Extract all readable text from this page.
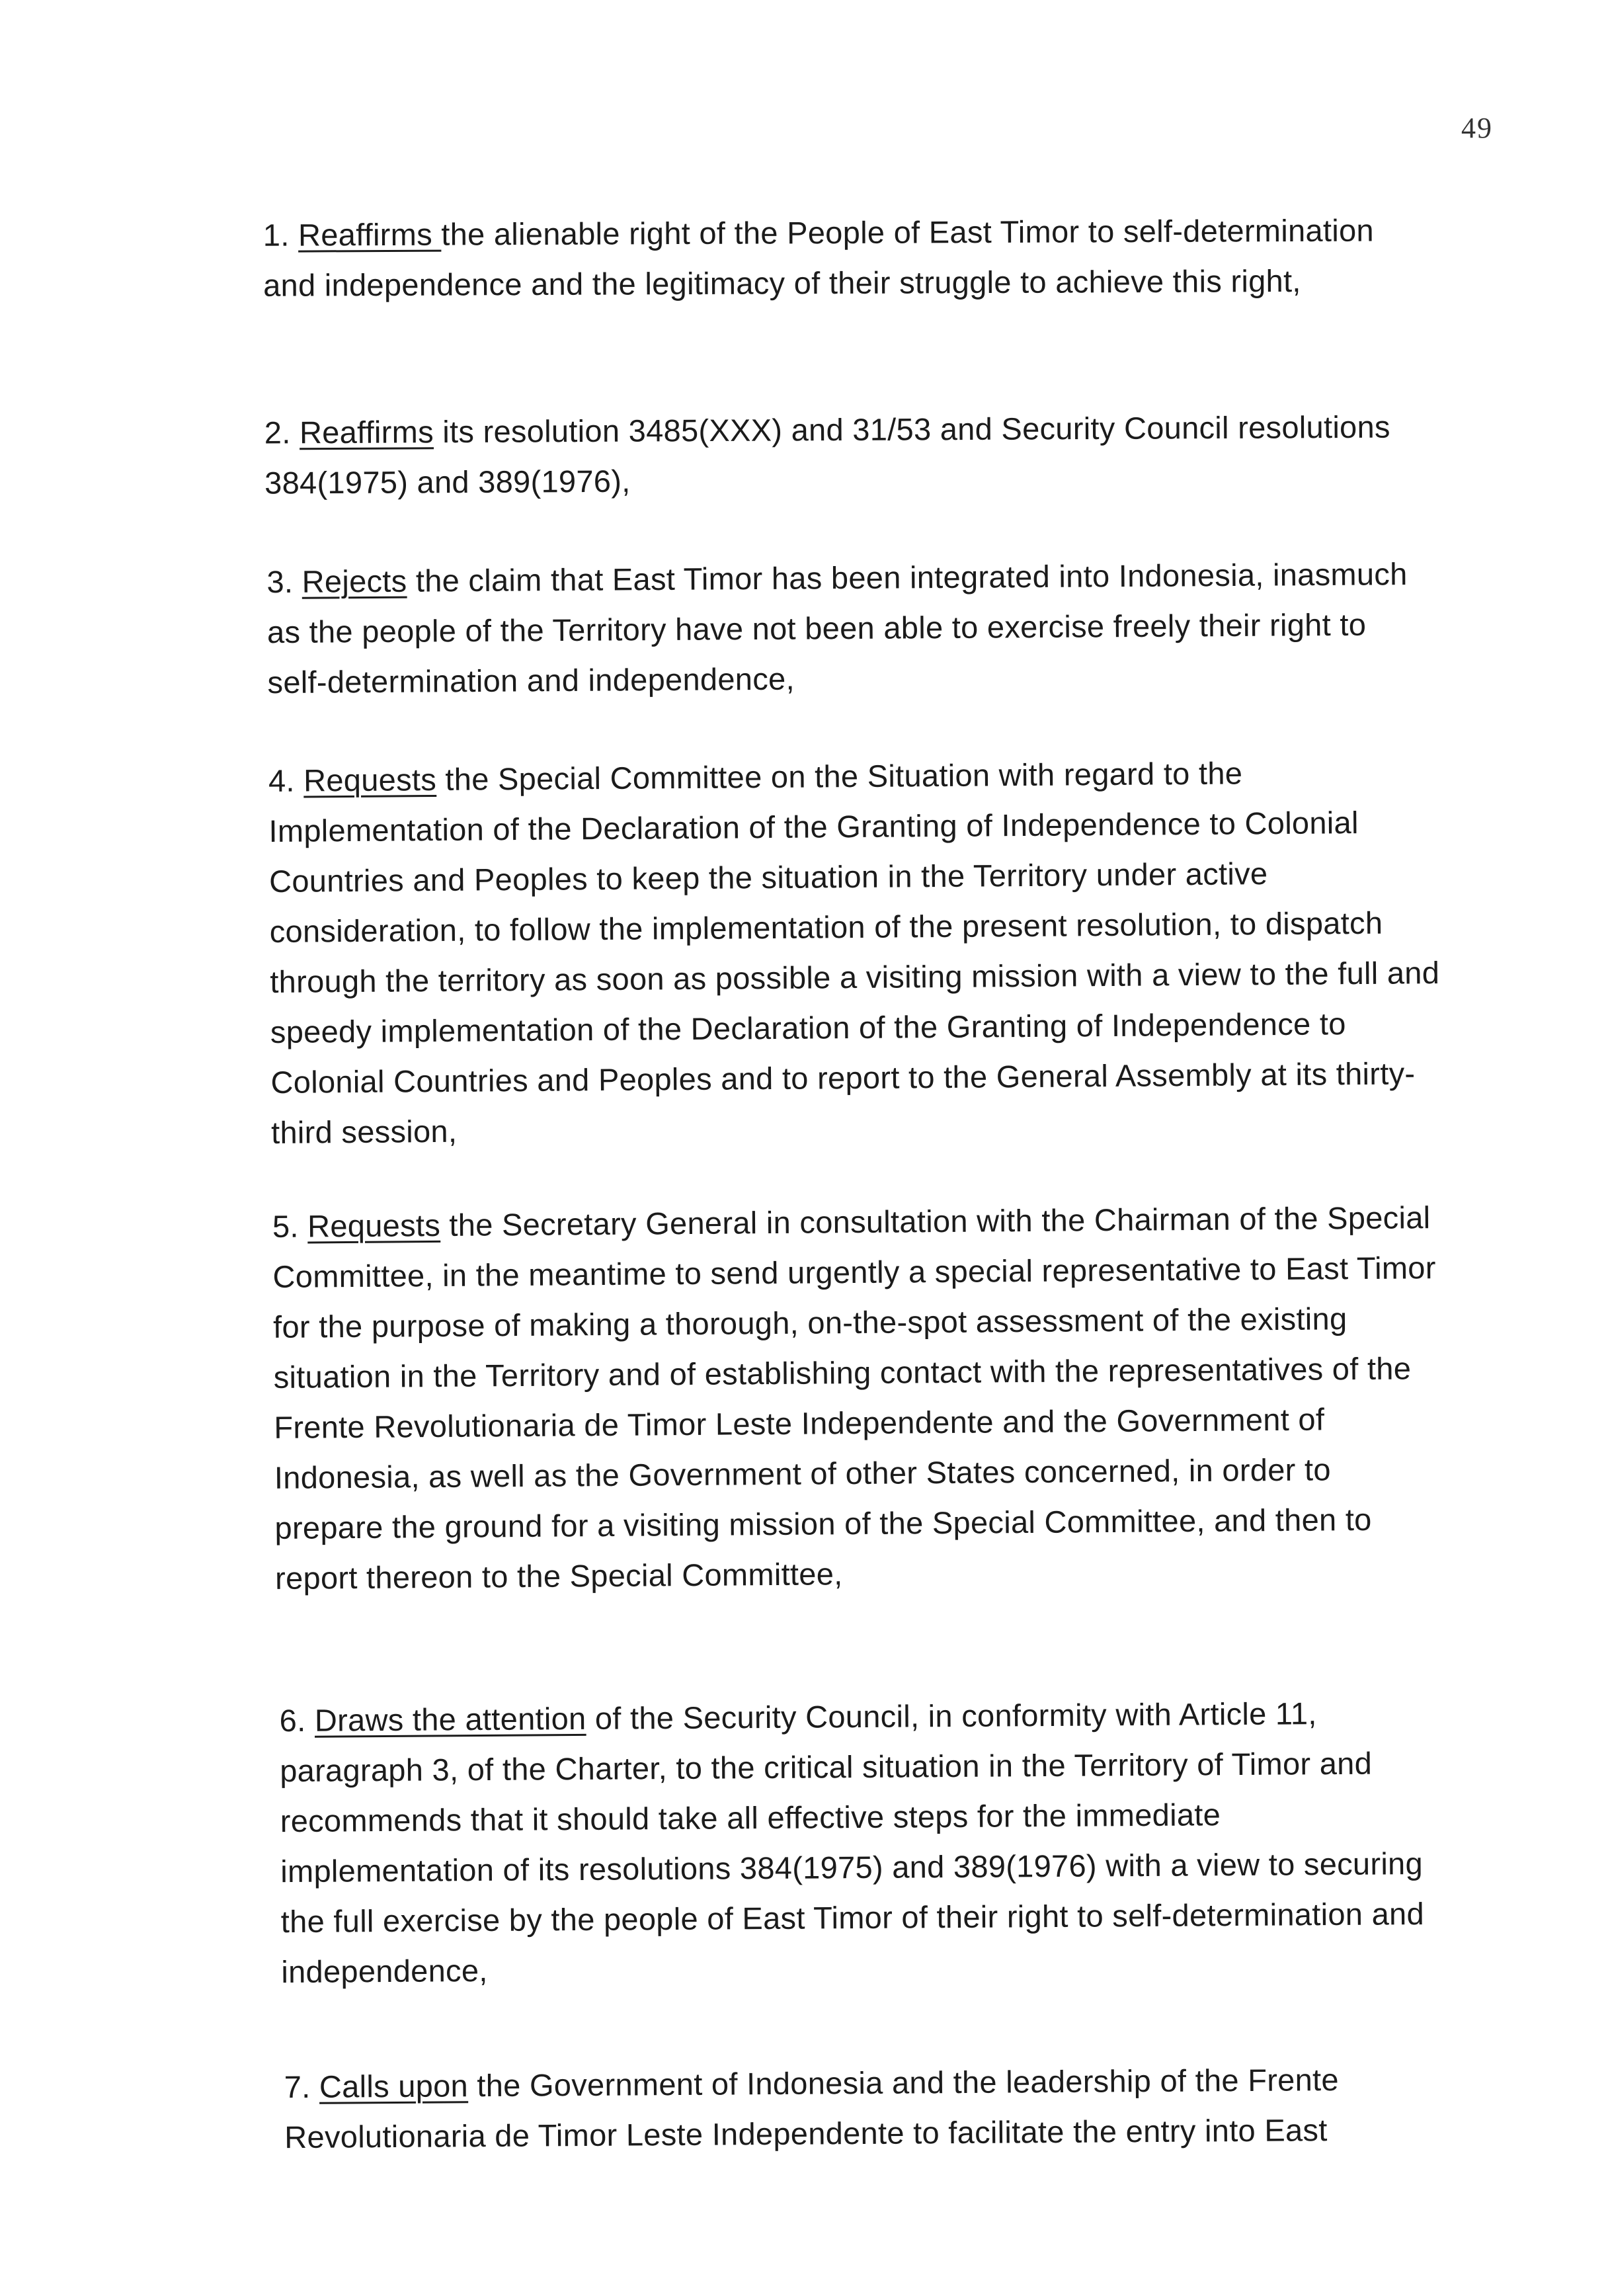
49

1. Reaffirms the alienable right of the People of East Timor to self-determination and independence and the legitimacy of their struggle to achieve this right,

2. Reaffirms its resolution 3485(XXX) and 31/53 and Security Council resolutions 384(1975) and 389(1976),

3. Rejects the claim that East Timor has been integrated into Indonesia, inasmuch as the people of the Territory have not been able to exercise freely their right to self-determination and independence,

4. Requests the Special Committee on the Situation with regard to the Implementation of the Declaration of the Granting of Independence to Colonial Countries and Peoples to keep the situation in the Territory under active consideration, to follow the implementation of the present resolution, to dispatch through the territory as soon as possible a visiting mission with a view to the full and speedy implementation of the Declaration of the Granting of Independence to Colonial Countries and Peoples and to report to the General Assembly at its thirty-third session,

5. Requests the Secretary General in consultation with the Chairman of the Special Committee, in the meantime to send urgently a special representative to East Timor for the purpose of making a thorough, on-the-spot assessment of the existing situation in the Territory and of establishing contact with the representatives of the Frente Revolutionaria de Timor Leste Independente and the Government of Indonesia, as well as the Government of other States concerned, in order to prepare the ground for a visiting mission of the Special Committee, and then to report thereon to the Special Committee,

6. Draws the attention of the Security Council, in conformity with Article 11, paragraph 3, of the Charter, to the critical situation in the Territory of Timor and recommends that it should take all effective steps for the immediate implementation of its resolutions 384(1975) and 389(1976) with a view to securing the full exercise by the people of East Timor of their right to self-determination and independence,

7. Calls upon the Government of Indonesia and the leadership of the Frente Revolutionaria de Timor Leste Independente to facilitate the entry into East
